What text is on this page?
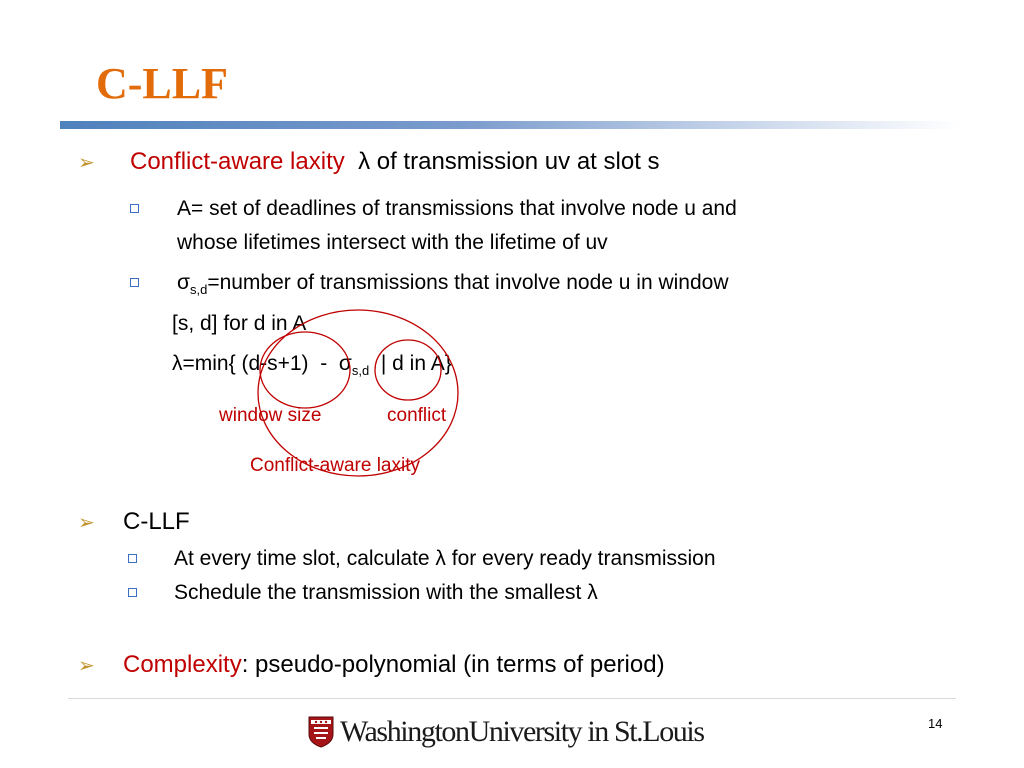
C-LLF
➢ Conflict-aware laxity λ of transmission uv at slot s
A= set of deadlines of transmissions that involve node u and
whose lifetimes intersect with the lifetime of uv
$\sigma_{s,d}=number$ of transmissions that involve node u in window
[s, d] for d in A
λ=min{ $(d-s+1) - \sigma_{s,d}$  | d in A}
window size	conflict
Conflict-aware laxity
➢ C-LLF
At every time slot, calculate λ for every ready transmission
Schedule the transmission with the smallest λ
➢ Complexity: pseudo-polynomial (in terms of period)
WashingtonUniversity in St.Louis	14
